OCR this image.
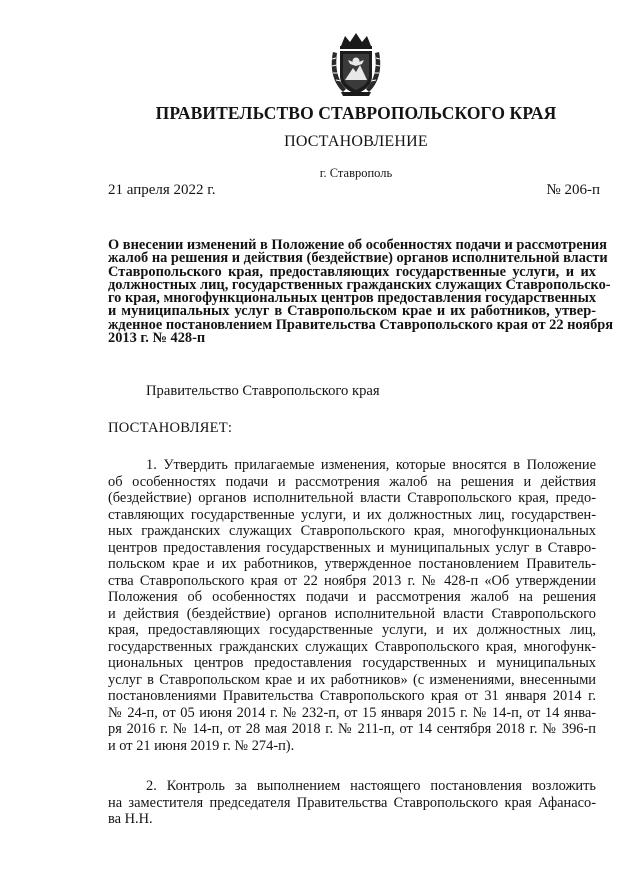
ПРАВИТЕЛЬСТВО СТАВРОПОЛЬСКОГО КРАЯ
ПОСТАНОВЛЕНИЕ
г. Ставрополь
21 апреля 2022 г.	№ 206-п
О внесении изменений в Положение об особенностях подачи и рассмотрения
жалоб на решения и действия (бездействие) органов исполнительной власти
Ставропольского края, предоставляющих государственные услуги, и их
должностных лиц, государственных гражданских служащих Ставропольско-
го края, многофункциональных центров предоставления государственных
и муниципальных услуг в Ставропольском крае и их работников, утвер-
жденное постановлением Правительства Ставропольского края от 22 ноября
2013 г. № 428-п
Правительство Ставропольского края
ПОСТАНОВЛЯЕТ:
1. Утвердить прилагаемые изменения, которые вносятся в Положение
об особенностях подачи и рассмотрения жалоб на решения и действия
(бездействие) органов исполнительной власти Ставропольского края, предо-
ставляющих государственные услуги, и их должностных лиц, государствен-
ных гражданских служащих Ставропольского края, многофункциональных
центров предоставления государственных и муниципальных услуг в Ставро-
польском крае и их работников, утвержденное постановлением Правитель-
ства Ставропольского края от 22 ноября 2013 г. № 428-п «Об утверждении
Положения об особенностях подачи и рассмотрения жалоб на решения
и действия (бездействие) органов исполнительной власти Ставропольского
края, предоставляющих государственные услуги, и их должностных лиц,
государственных гражданских служащих Ставропольского края, многофунк-
циональных центров предоставления государственных и муниципальных
услуг в Ставропольском крае и их работников» (с изменениями, внесенными
постановлениями Правительства Ставропольского края от 31 января 2014 г.
№ 24-п, от 05 июня 2014 г. № 232-п, от 15 января 2015 г. № 14-п, от 14 янва-
ря 2016 г. № 14-п, от 28 мая 2018 г. № 211-п, от 14 сентября 2018 г. № 396-п
и от 21 июня 2019 г. № 274-п).
2. Контроль за выполнением настоящего постановления возложить
на заместителя председателя Правительства Ставропольского края Афанасо-
ва Н.Н.
